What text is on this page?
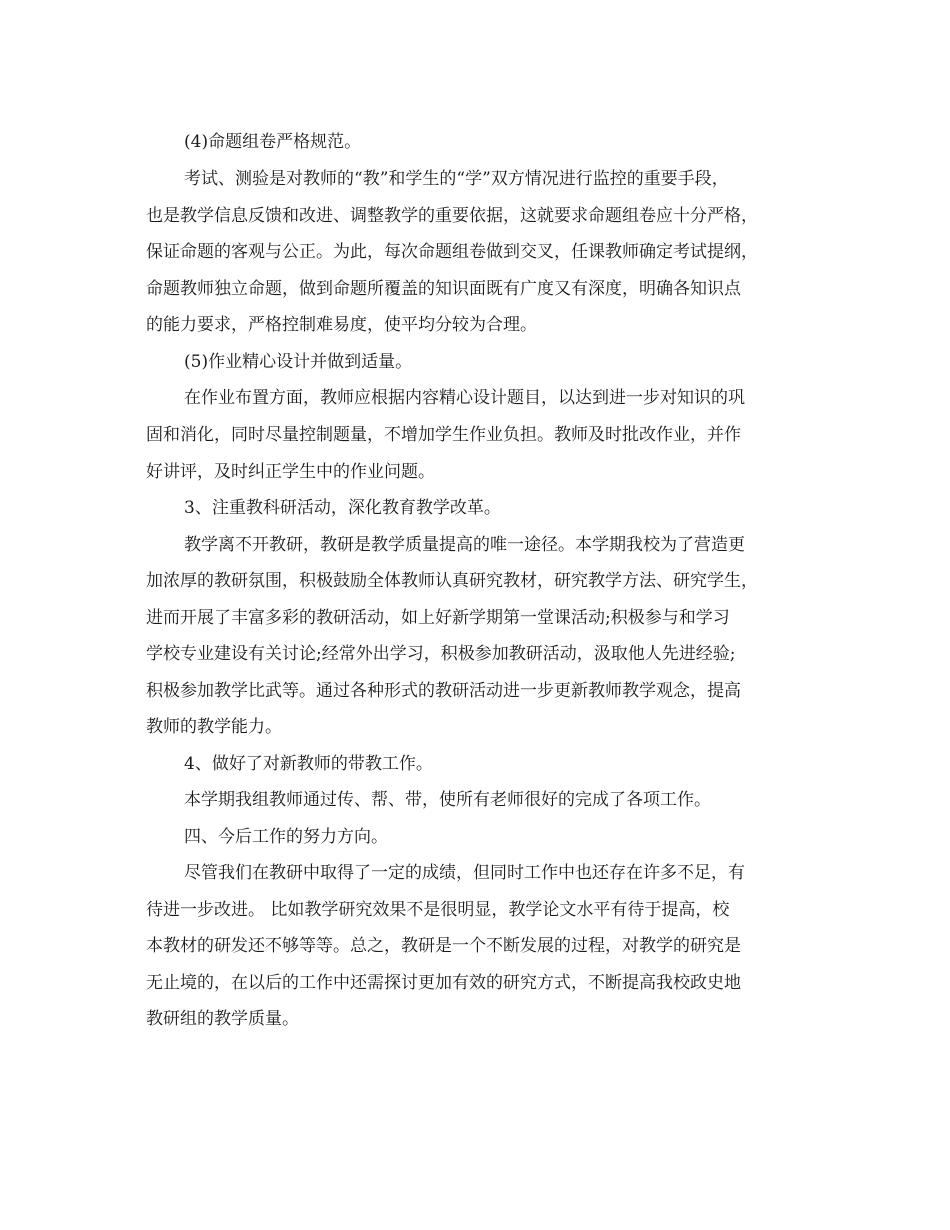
(4)命题组卷严格规范。
考试、测验是对教师的“教”和学生的“学”双方情况进行监控的重要手段，
也是教学信息反馈和改进、调整教学的重要依据，这就要求命题组卷应十分严格，
保证命题的客观与公正。为此，每次命题组卷做到交叉，任课教师确定考试提纲，
命题教师独立命题，做到命题所覆盖的知识面既有广度又有深度，明确各知识点
的能力要求，严格控制难易度，使平均分较为合理。
(5)作业精心设计并做到适量。
在作业布置方面，教师应根据内容精心设计题目，以达到进一步对知识的巩
固和消化，同时尽量控制题量，不增加学生作业负担。教师及时批改作业，并作
好讲评，及时纠正学生中的作业问题。
3、注重教科研活动，深化教育教学改革。
教学离不开教研，教研是教学质量提高的唯一途径。本学期我校为了营造更
加浓厚的教研氛围，积极鼓励全体教师认真研究教材，研究教学方法、研究学生，
进而开展了丰富多彩的教研活动，如上好新学期第一堂课活动;积极参与和学习
学校专业建设有关讨论;经常外出学习，积极参加教研活动，汲取他人先进经验;
积极参加教学比武等。通过各种形式的教研活动进一步更新教师教学观念，提高
教师的教学能力。
4、做好了对新教师的带教工作。
本学期我组教师通过传、帮、带，使所有老师很好的完成了各项工作。
四、今后工作的努力方向。
尽管我们在教研中取得了一定的成绩，但同时工作中也还存在许多不足，有
待进一步改进。 比如教学研究效果不是很明显，教学论文水平有待于提高，校
本教材的研发还不够等等。总之，教研是一个不断发展的过程，对教学的研究是
无止境的，在以后的工作中还需探讨更加有效的研究方式，不断提高我校政史地
教研组的教学质量。
